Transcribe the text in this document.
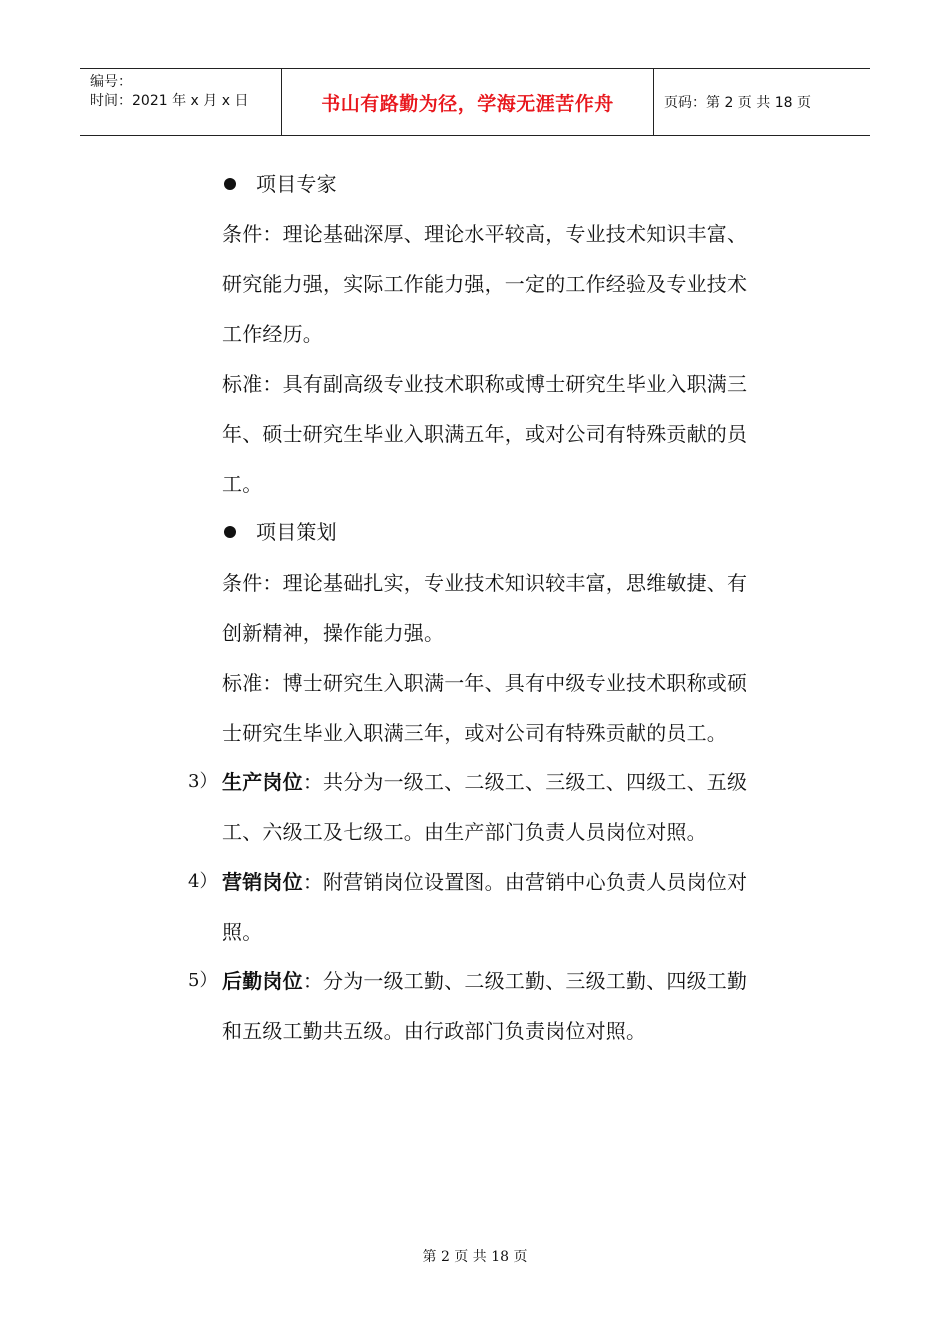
编号：
时间：2021 年 x 月 x 日	书山有路勤为径，学海无涯苦作舟	页码：第 2 页 共 18 页
项目专家
条件：理论基础深厚、理论水平较高，专业技术知识丰富、
研究能力强，实际工作能力强，一定的工作经验及专业技术
工作经历。
标准：具有副高级专业技术职称或博士研究生毕业入职满三
年、硕士研究生毕业入职满五年，或对公司有特殊贡献的员
工。
项目策划
条件：理论基础扎实，专业技术知识较丰富，思维敏捷、有
创新精神，操作能力强。
标准：博士研究生入职满一年、具有中级专业技术职称或硕
士研究生毕业入职满三年，或对公司有特殊贡献的员工。
3） 生产岗位：共分为一级工、二级工、三级工、四级工、五级
工、六级工及七级工。由生产部门负责人员岗位对照。
4） 营销岗位：附营销岗位设置图。由营销中心负责人员岗位对
照。
5） 后勤岗位：分为一级工勤、二级工勤、三级工勤、四级工勤
和五级工勤共五级。由行政部门负责岗位对照。
第 2 页 共 18 页
